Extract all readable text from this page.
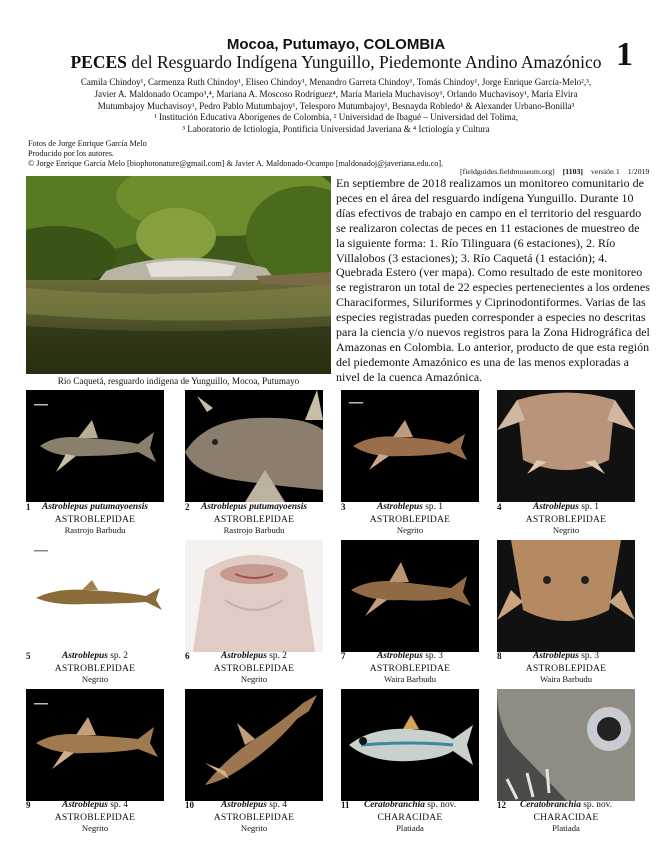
Mocoa, Putumayo, COLOMBIA
PECES del Resguardo Indígena Yunguillo, Piedemonte Andino Amazónico 1
Camila Chindoy¹, Carmenza Ruth Chindoy¹, Eliseo Chindoy¹, Menandro Garreta Chindoy¹, Tomás Chindoy¹, Jorge Enrique García-Melo²,³,
Javier A. Maldonado Ocampo³,⁴, Mariana A. Moscoso Rodríguez⁴, María Mariela Muchavisoy¹, Orlando Muchavisoy¹, María Elvira
Mutumbajoy Muchavisoy¹, Pedro Pablo Mutumbajoy¹, Telesporo Mutumbajoy¹, Besnayda Robledo¹ & Alexander Urbano-Bonilla³
¹ Institución Educativa Aborígenes de Colombia, ² Universidad de Ibagué – Universidad del Tolima,
³ Laboratorio de Ictiología, Pontificia Universidad Javeriana & ⁴ Ictiología y Cultura
Fotos de Jorge Enrique García Melo
Producido por los autores.
© Jorge Enrique García Melo [biophotonature@gmail.com] & Javier A. Maldonado-Ocampo [maldonadoj@javeriana.edu.co].
[fieldguides.fieldmuseum.org] [1103] versión 1 1/2019
Río Caquetá, resguardo indígena de Yunguillo, Mocoa, Putumayo
En septiembre de 2018 realizamos un monitoreo comunitario de peces en el área del resguardo indígena Yunguillo. Durante 10 días efectivos de trabajo en campo en el territorio del resguardo se realizaron colectas de peces en 11 estaciones de muestreo de la siguiente forma: 1. Río Tilinguara (6 estaciones), 2. Río Villalobos (3 estaciones); 3. Río Caquetá (1 estación); 4. Quebrada Estero (ver mapa). Como resultado de este monitoreo se registraron un total de 22 especies pertenecientes a los ordenes Characiformes, Siluriformes y Ciprinodontiformes. Varias de las especies registradas pueden corresponder a especies no descritas para la ciencia y/o nuevos registros para la Zona Hidrográfica del Amazonas en Colombia. Lo anterior, producto de que esta región del piedemonte Amazónico es una de las menos exploradas a nivel de la cuenca Amazónica.
1	Astroblepus putumayoensis
ASTROBLEPIDAE
Rastrojo Barbudu
2	Astroblepus putumayoensis
ASTROBLEPIDAE
Rastrojo Barbudu
3	Astroblepus sp. 1
ASTROBLEPIDAE
Negrito
4	Astroblepus sp. 1
ASTROBLEPIDAE
Negrito
5	Astroblepus sp. 2
ASTROBLEPIDAE
Negrito
6	Astroblepus sp. 2
ASTROBLEPIDAE
Negrito
7	Astroblepus sp. 3
ASTROBLEPIDAE
Waira Barbudu
8	Astroblepus sp. 3
ASTROBLEPIDAE
Waira Barbudu
9	Astroblepus sp. 4
ASTROBLEPIDAE
Negrito
10	Astroblepus sp. 4
ASTROBLEPIDAE
Negrito
11	Ceratobranchia sp. nov.
CHARACIDAE
Platiada
12	Ceratobranchia sp. nov.
CHARACIDAE
Platiada
